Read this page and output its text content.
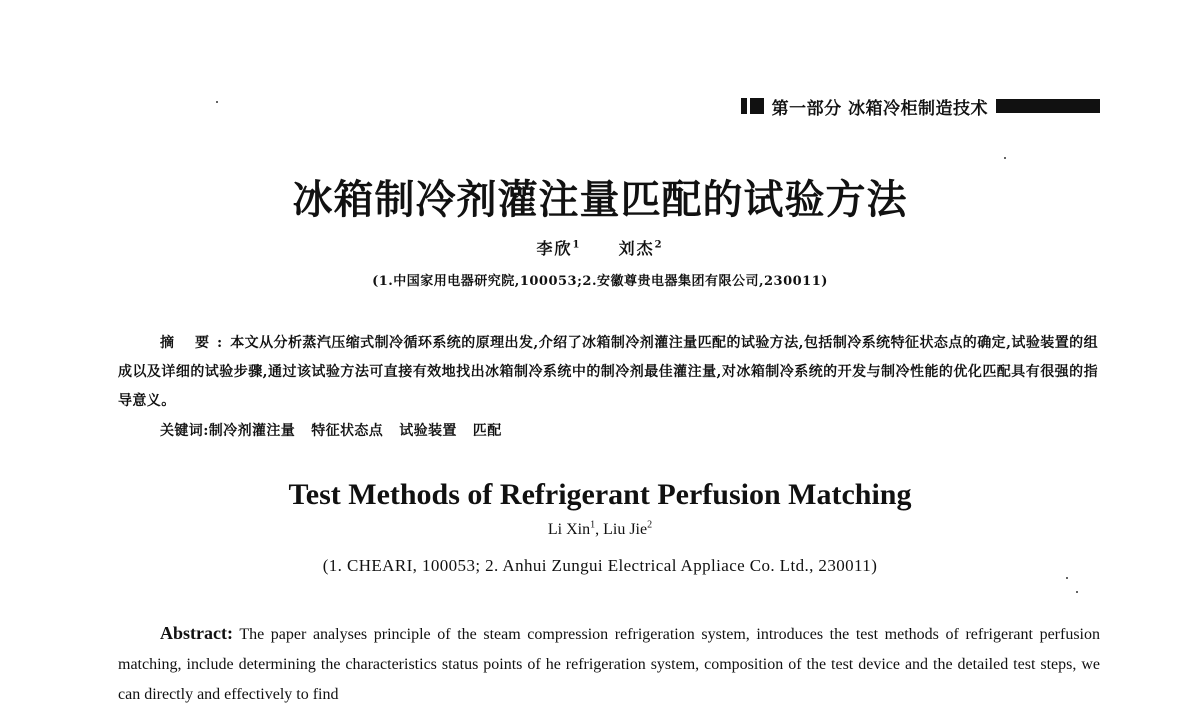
第一部分 冰箱冷柜制造技术
冰箱制冷剂灌注量匹配的试验方法
李欣$^1$ 刘杰$^2$
(1.中国家用电器研究院,100053;2.安徽尊贵电器集团有限公司,230011)
摘 要:本文从分析蒸汽压缩式制冷循环系统的原理出发,介绍了冰箱制冷剂灌注量匹配的试验方法,包括制冷系统特征状态点的确定,试验装置的组成以及详细的试验步骤,通过该试验方法可直接有效地找出冰箱制冷系统中的制冷剂最佳灌注量,对冰箱制冷系统的开发与制冷性能的优化匹配具有很强的指导意义。
关键词:制冷剂灌注量 特征状态点 试验装置 匹配
Test Methods of Refrigerant Perfusion Matching
Li Xin$^1$, Liu Jie$^2$
(1. CHEARI, 100053; 2. Anhui Zungui Electrical Appliace Co. Ltd., 230011)
Abstract: The paper analyses principle of the steam compression refrigeration system, introduces the test methods of refrigerant perfusion matching, include determining the characteristics status points of he refrigeration system, composition of the test device and the detailed test steps, we can directly and effectively to find
